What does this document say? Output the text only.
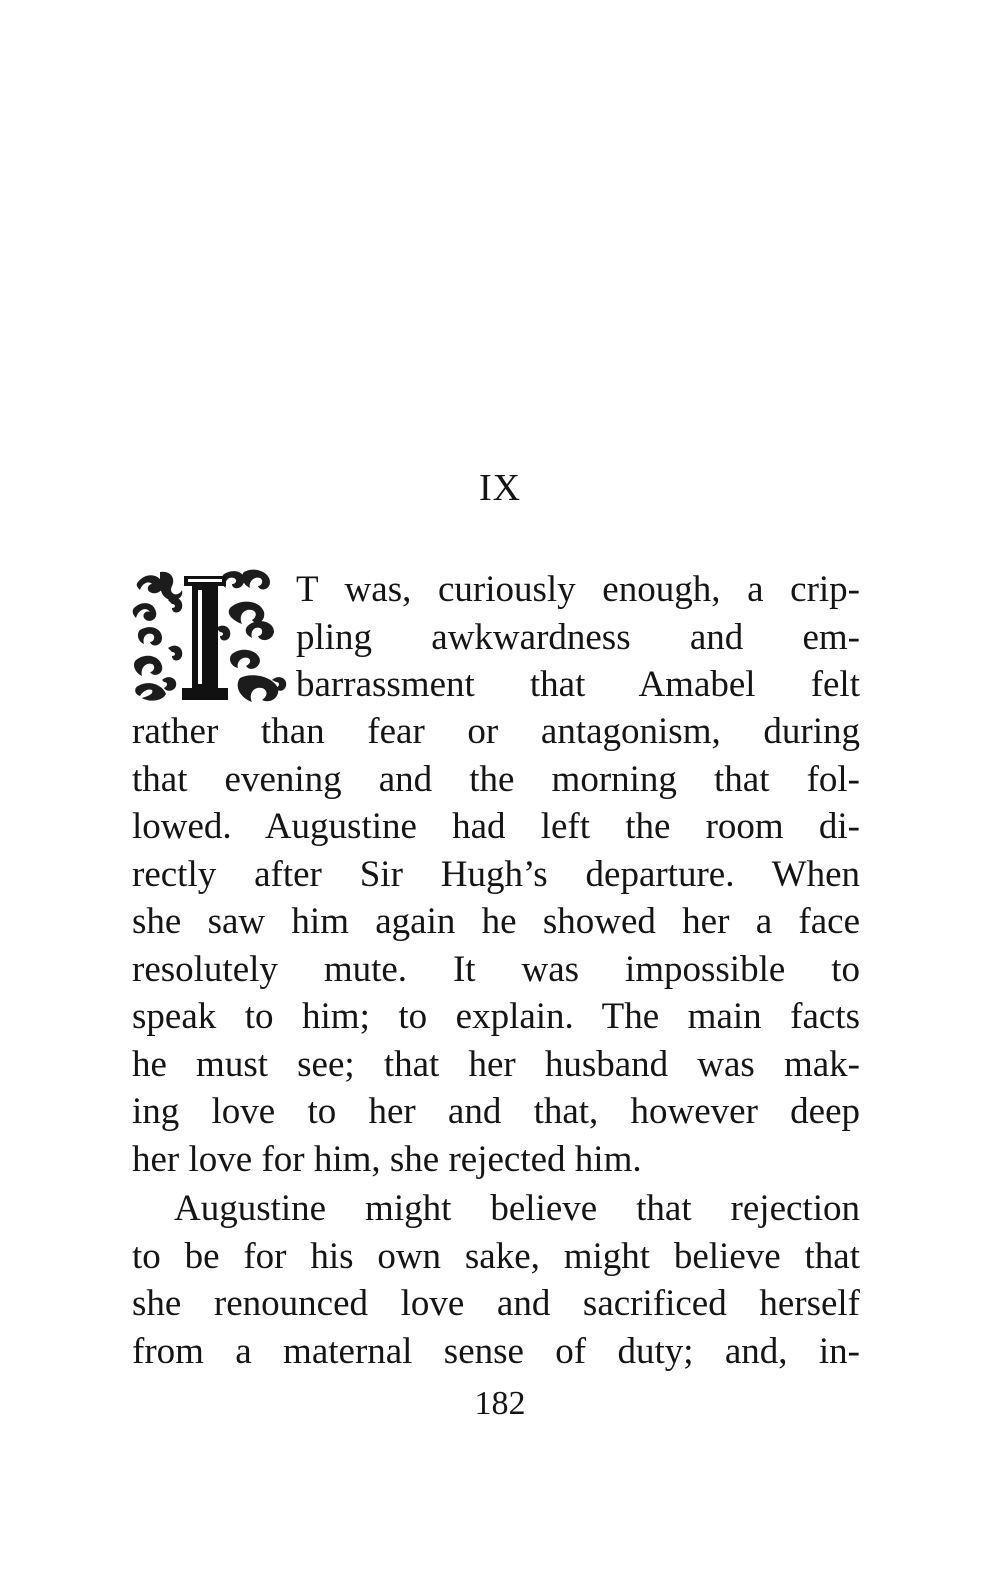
IX
T was, curiously enough, a crip-
pling awkwardness and em-
barrassment that Amabel felt
rather than fear or antagonism, during
that evening and the morning that fol-
lowed. Augustine had left the room di-
rectly after Sir Hugh’s departure. When
she saw him again he showed her a face
resolutely mute. It was impossible to
speak to him; to explain. The main facts
he must see; that her husband was mak-
ing love to her and that, however deep
her love for him, she rejected him.
Augustine might believe that rejection
to be for his own sake, might believe that
she renounced love and sacrificed herself
from a maternal sense of duty; and, in-
182
